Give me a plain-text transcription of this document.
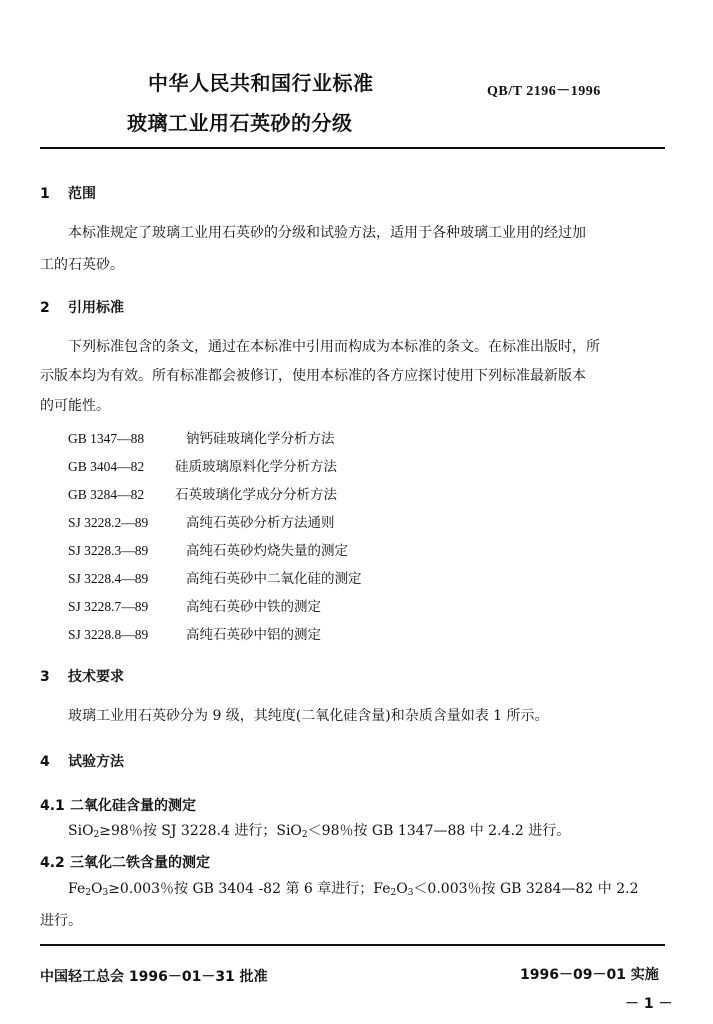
中华人民共和国行业标准	QB/T 2196－1996
玻璃工业用石英砂的分级
1 范围
本标准规定了玻璃工业用石英砂的分级和试验方法，适用于各种玻璃工业用的经过加
工的石英砂。
2 引用标准
下列标准包含的条文，通过在本标准中引用而构成为本标准的条文。在标准出版时，所
示版本均为有效。所有标准都会被修订，使用本标准的各方应探讨使用下列标准最新版本
的可能性。
GB 1347—88	钠钙硅玻璃化学分析方法
GB 3404—82 硅质玻璃原料化学分析方法
GB 3284—82 石英玻璃化学成分分析方法
SJ 3228.2—89	高纯石英砂分析方法通则
SJ 3228.3—89	高纯石英砂灼烧失量的测定
SJ 3228.4—89	高纯石英砂中二氧化硅的测定
SJ 3228.7—89	高纯石英砂中铁的测定
SJ 3228.8—89	高纯石英砂中铝的测定
3 技术要求
玻璃工业用石英砂分为 9 级，其纯度(二氧化硅含量)和杂质含量如表 1 所示。
4 试验方法
4.1 二氧化硅含量的测定
SiO$_2$≥98％按 SJ 3228.4 进行；SiO$_2$＜98％按 GB 1347—88 中 2.4.2 进行。
4.2 三氧化二铁含量的测定
$Fe_2O_3\ge 0.003$％按 GB 3404 -82 第 6 章进行；$Fe_2O_3<0.003$％按 GB 3284—82 中 2.2
进行。
中国轻工总会 1996－01－31 批准	1996－09－01 实施
－ 1 －
